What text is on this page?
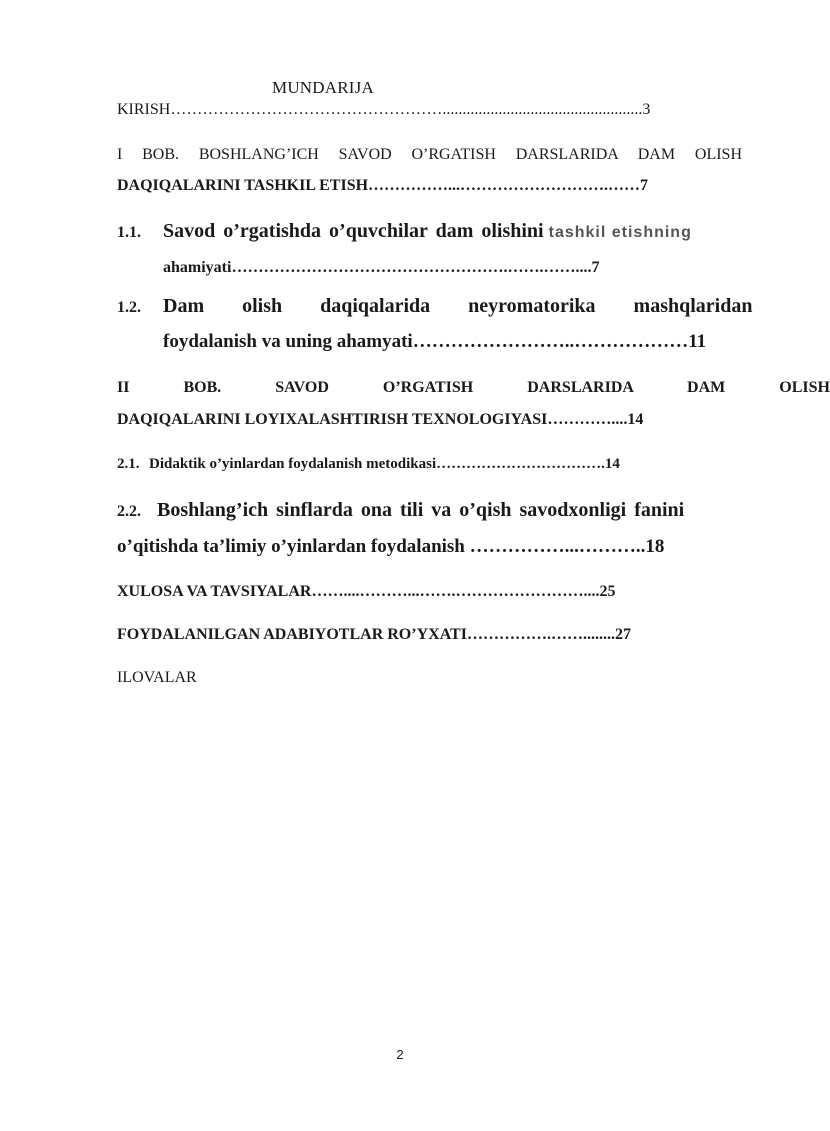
MUNDARIJA
KIRISH……………………………………………..................................................3
I BOB. BOSHLANG’ICH SAVOD O’RGATISH DARSLARIDA DAM OLISH
DAQIQALARINI TASHKIL ETISH……………...……………………….……7
1.1. Savod o’rgatishda o’quvchilar dam olishini tashkil etishning
ahamiyati…………………………………………….…….……....7
1.2. Dam olish daqiqalarida neyromatorika mashqlaridan
foydalanish va uning ahamyati……………………..………………11
II BOB. SAVOD O’RGATISH DARSLARIDA DAM OLISH
DAQIQALARINI LOYIXALASHTIRISH TEXNOLOGIYASI…………....14
2.1. Didaktik o’yinlardan foydalanish metodikasi…………………………….14
2.2. Boshlang’ich sinflarda ona tili va o’qish savodxonligi fanini
o’qitishda ta’limiy o’yinlardan foydalanish ……………...………..18
XULOSA VA TAVSIYALAR……....………...…….……………………....25
FOYDALANILGAN ADABIYOTLAR RO’YXATI…………….……........27
ILOVALAR
2
